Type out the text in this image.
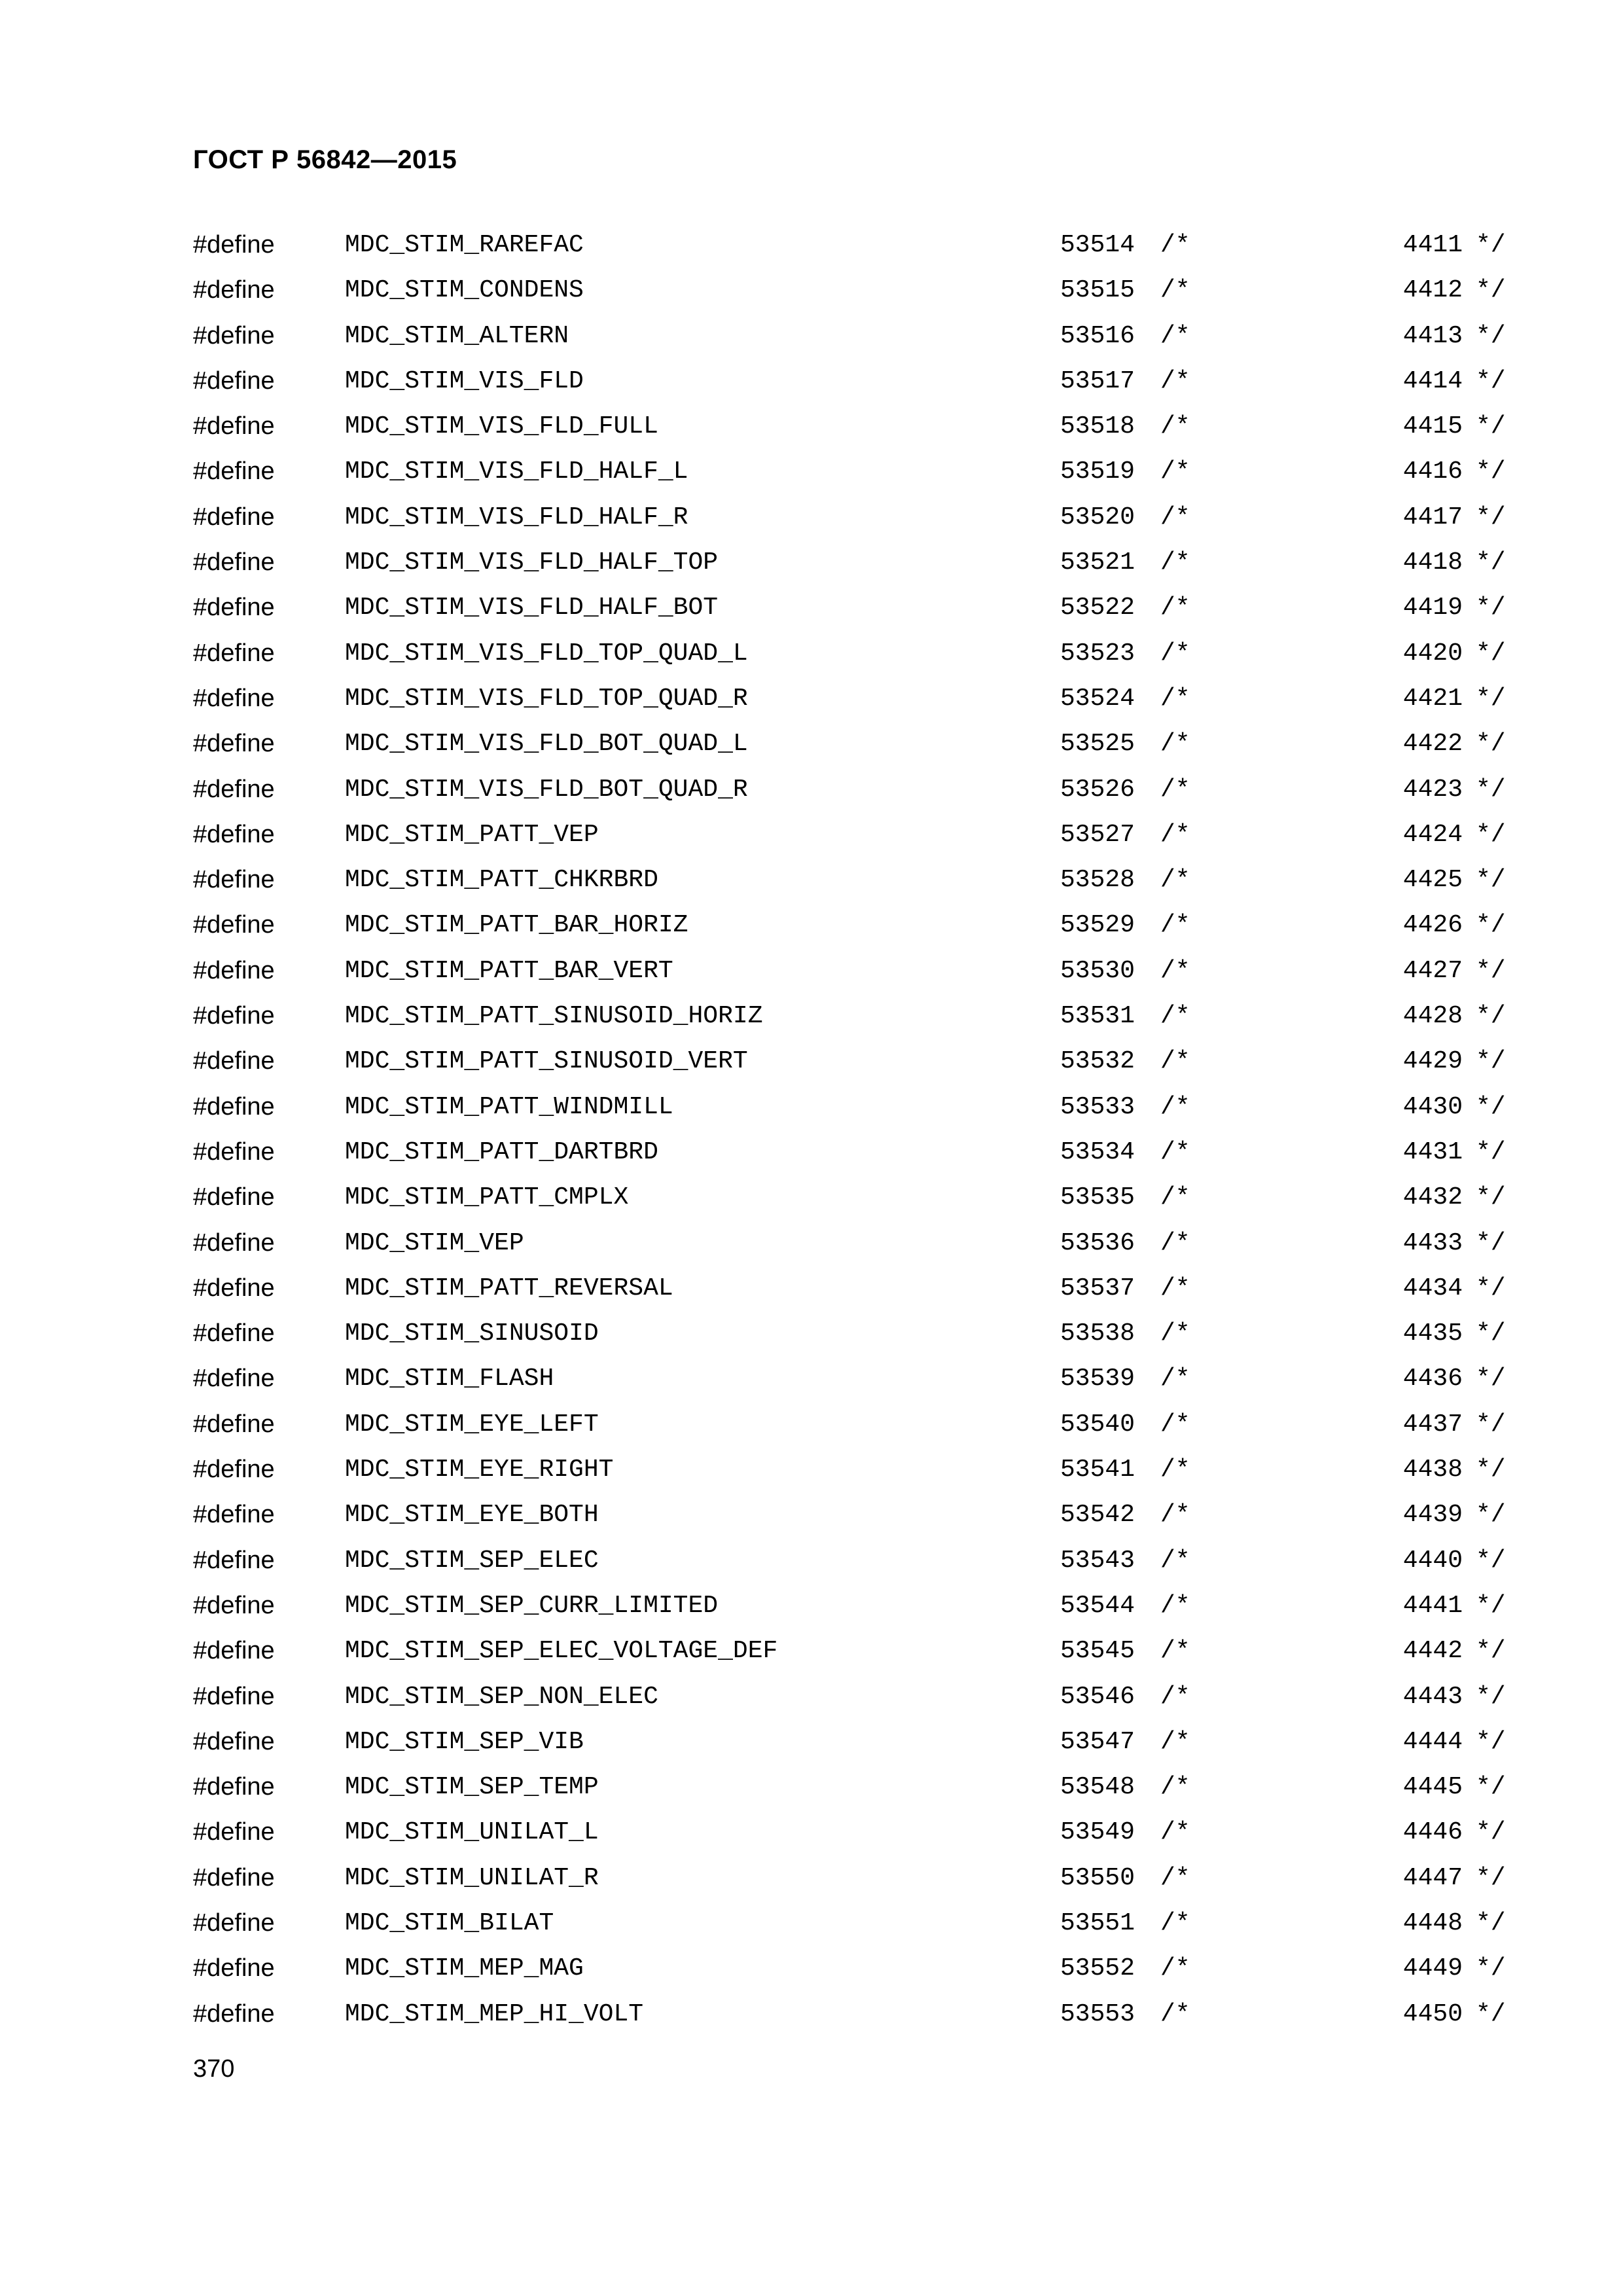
ГОСТ Р 56842—2015
#define	MDC_STIM_RAREFAC	53514 /*	4411 */
#define	MDC_STIM_CONDENS	53515 /*	4412 */
#define	MDC_STIM_ALTERN	53516 /*	4413 */
#define	MDC_STIM_VIS_FLD	53517 /*	4414 */
#define	MDC_STIM_VIS_FLD_FULL	53518 /*	4415 */
#define	MDC_STIM_VIS_FLD_HALF_L	53519 /*	4416 */
#define	MDC_STIM_VIS_FLD_HALF_R	53520 /*	4417 */
#define	MDC_STIM_VIS_FLD_HALF_TOP	53521 /*	4418 */
#define	MDC_STIM_VIS_FLD_HALF_BOT	53522 /*	4419 */
#define	MDC_STIM_VIS_FLD_TOP_QUAD_L	53523 /*	4420 */
#define	MDC_STIM_VIS_FLD_TOP_QUAD_R	53524 /*	4421 */
#define	MDC_STIM_VIS_FLD_BOT_QUAD_L	53525 /*	4422 */
#define	MDC_STIM_VIS_FLD_BOT_QUAD_R	53526 /*	4423 */
#define	MDC_STIM_PATT_VEP	53527 /*	4424 */
#define	MDC_STIM_PATT_CHKRBRD	53528 /*	4425 */
#define	MDC_STIM_PATT_BAR_HORIZ	53529 /*	4426 */
#define	MDC_STIM_PATT_BAR_VERT	53530 /*	4427 */
#define	MDC_STIM_PATT_SINUSOID_HORIZ	53531 /*	4428 */
#define	MDC_STIM_PATT_SINUSOID_VERT	53532 /*	4429 */
#define	MDC_STIM_PATT_WINDMILL	53533 /*	4430 */
#define	MDC_STIM_PATT_DARTBRD	53534 /*	4431 */
#define	MDC_STIM_PATT_CMPLX	53535 /*	4432 */
#define	MDC_STIM_VEP	53536 /*	4433 */
#define	MDC_STIM_PATT_REVERSAL	53537 /*	4434 */
#define	MDC_STIM_SINUSOID	53538 /*	4435 */
#define	MDC_STIM_FLASH	53539 /*	4436 */
#define	MDC_STIM_EYE_LEFT	53540 /*	4437 */
#define	MDC_STIM_EYE_RIGHT	53541 /*	4438 */
#define	MDC_STIM_EYE_BOTH	53542 /*	4439 */
#define	MDC_STIM_SEP_ELEC	53543 /*	4440 */
#define	MDC_STIM_SEP_CURR_LIMITED	53544 /*	4441 */
#define	MDC_STIM_SEP_ELEC_VOLTAGE_DEF	53545 /*	4442 */
#define	MDC_STIM_SEP_NON_ELEC	53546 /*	4443 */
#define	MDC_STIM_SEP_VIB	53547 /*	4444 */
#define	MDC_STIM_SEP_TEMP	53548 /*	4445 */
#define	MDC_STIM_UNILAT_L	53549 /*	4446 */
#define	MDC_STIM_UNILAT_R	53550 /*	4447 */
#define	MDC_STIM_BILAT	53551 /*	4448 */
#define	MDC_STIM_MEP_MAG	53552 /*	4449 */
#define	MDC_STIM_MEP_HI_VOLT	53553 /*	4450 */
370
